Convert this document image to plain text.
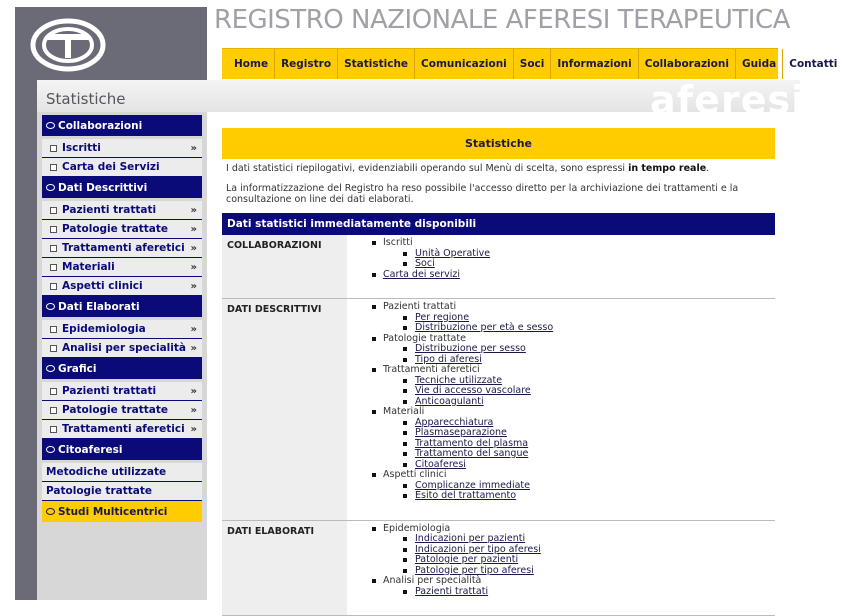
REGISTRO NAZIONALE AFERESI TERAPEUTICA
Home	Registro	Statistiche	Comunicazioni	Soci	Informazioni	Collaborazioni	Guida	Contatti
Statistiche	aferesi
Collaborazioni
Iscritti	»
Carta dei Servizi
Dati Descrittivi
Pazienti trattati	»
Patologie trattate »
Trattamenti aferetici »
Materiali	»
Aspetti clinici	»
Dati Elaborati
Epidemiologia	»
Analisi per specialità »
Grafici
Pazienti trattati	»
Patologie trattate »
Trattamenti aferetici »
Citoaferesi
Metodiche utilizzate
Patologie trattate
Studi Multicentrici
Statistiche

I dati statistici riepilogativi, evidenziabili operando sul Menù di scelta, sono espressi in tempo reale.

La informatizzazione del Registro ha reso possibile l'accesso diretto per la archiviazione dei trattamenti e la consultazione on line dei dati elaborati.

Dati statistici immediatamente disponibili
COLLABORAZIONI	Iscritti
Unità Operative
Soci
Carta dei servizi
DATI DESCRITTIVI	Pazienti trattati
Per regione
Distribuzione per età e sesso
Patologie trattate
Distribuzione per sesso
Tipo di aferesi
Trattamenti aferetici
Tecniche utilizzate
Vie di accesso vascolare
Anticoagulanti
Materiali
Apparecchiatura
Plasmaseparazione
Trattamento del plasma
Trattamento del sangue
Citoaferesi
Aspetti clinici
Complicanze immediate
Esito del trattamento
DATI ELABORATI	Epidemiologia
Indicazioni per pazienti
Indicazioni per tipo aferesi
Patologie per pazienti
Patologie per tipo aferesi
Analisi per specialità
Pazienti trattati
